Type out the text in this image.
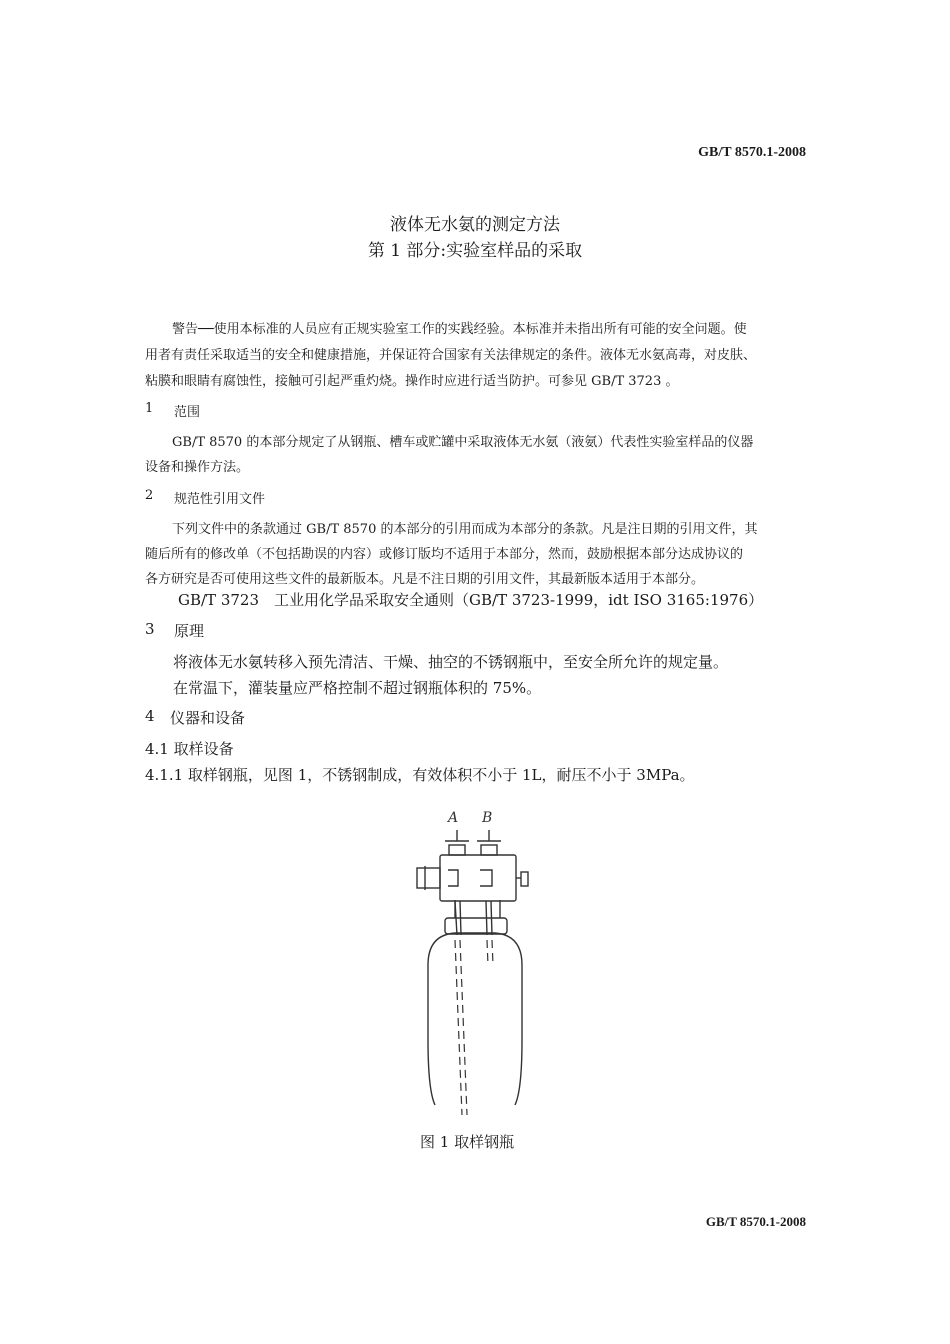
GB/T 8570.1-2008
液体无水氨的测定方法
第 1 部分:实验室样品的采取
警告──使用本标准的人员应有正规实验室工作的实践经验。本标准并未指出所有可能的安全问题。使
用者有责任采取适当的安全和健康措施，并保证符合国家有关法律规定的条件。液体无水氨高毒，对皮肤、
粘膜和眼睛有腐蚀性，接触可引起严重灼烧。操作时应进行适当防护。可参见 GB/T 3723 。
1 范围
GB/T 8570 的本部分规定了从钢瓶、槽车或贮罐中采取液体无水氨（液氨）代表性实验室样品的仪器
设备和操作方法。
2 规范性引用文件
下列文件中的条款通过 GB/T 8570 的本部分的引用而成为本部分的条款。凡是注日期的引用文件，其
随后所有的修改单（不包括勘误的内容）或修订版均不适用于本部分，然而，鼓励根据本部分达成协议的
各方研究是否可使用这些文件的最新版本。凡是不注日期的引用文件，其最新版本适用于本部分。
GB/T 3723　工业用化学品采取安全通则（GB/T 3723-1999，idt ISO 3165:1976）
3 原理
将液体无水氨转移入预先清洁、干燥、抽空的不锈钢瓶中，至安全所允许的规定量。
在常温下，灌装量应严格控制不超过钢瓶体积的 75%。
4 仪器和设备
4.1 取样设备
4.1.1 取样钢瓶，见图 1，不锈钢制成，有效体积不小于 1L，耐压不小于 3MPa。
A B
图 1 取样钢瓶
GB/T 8570.1-2008
